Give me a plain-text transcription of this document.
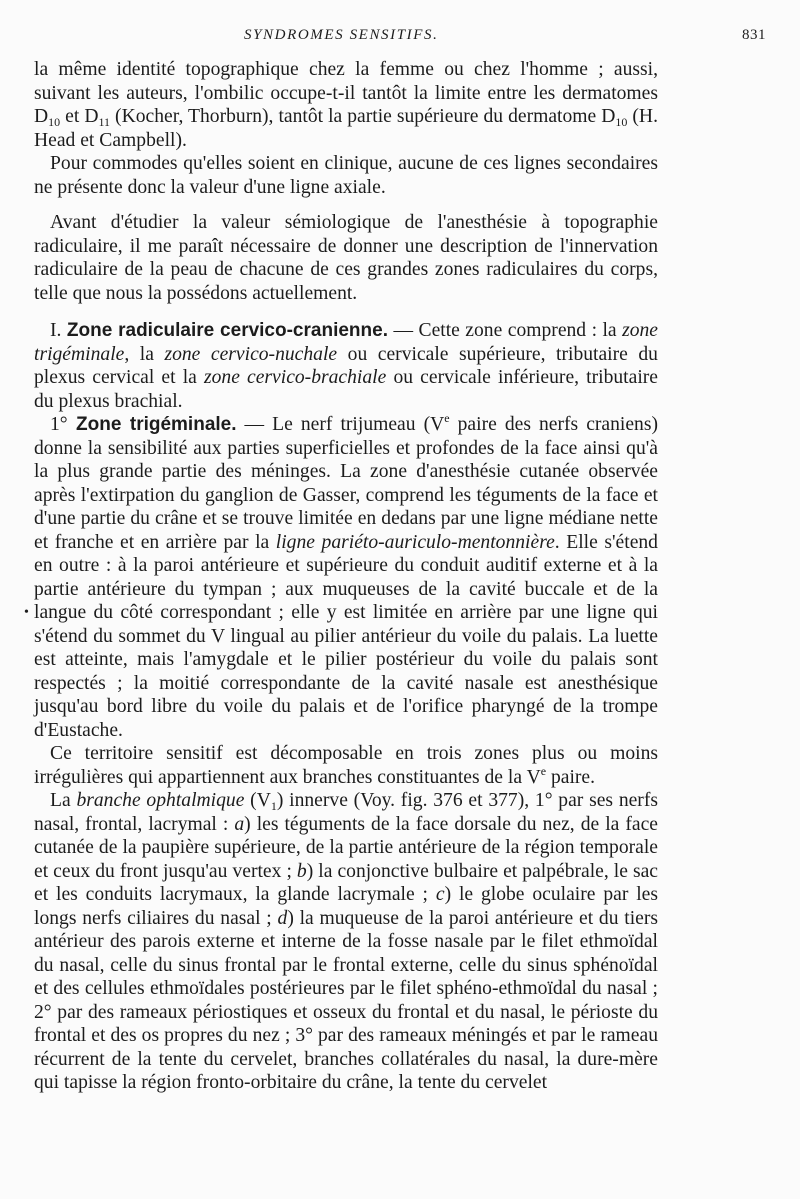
SYNDROMES SENSITIFS.	831
•

la même identité topographique chez la femme ou chez l'homme ; aussi, suivant les auteurs, l'ombilic occupe-t-il tantôt la limite entre les dermatomes $D_{10}$ et $D_{11}$ (Kocher, Thorburn), tantôt la partie supérieure du dermatome $D_{10}$ (H. Head et Campbell).

Pour commodes qu'elles soient en clinique, aucune de ces lignes secondaires ne présente donc la valeur d'une ligne axiale.

Avant d'étudier la valeur sémiologique de l'anesthésie à topographie radiculaire, il me paraît nécessaire de donner une description de l'innervation radiculaire de la peau de chacune de ces grandes zones radiculaires du corps, telle que nous la possédons actuellement.

I. Zone radiculaire cervico-cranienne. — Cette zone comprend : la zone trigéminale, la zone cervico-nuchale ou cervicale supérieure, tributaire du plexus cervical et la zone cervico-brachiale ou cervicale inférieure, tributaire du plexus brachial.

1° Zone trigéminale. — Le nerf trijumeau (Ve paire des nerfs craniens) donne la sensibilité aux parties superficielles et profondes de la face ainsi qu'à la plus grande partie des méninges. La zone d'anesthésie cutanée observée après l'extirpation du ganglion de Gasser, comprend les téguments de la face et d'une partie du crâne et se trouve limitée en dedans par une ligne médiane nette et franche et en arrière par la ligne pariéto-auriculo-mentonnière. Elle s'étend en outre : à la paroi antérieure et supérieure du conduit auditif externe et à la partie antérieure du tympan ; aux muqueuses de la cavité buccale et de la langue du côté correspondant ; elle y est limitée en arrière par une ligne qui s'étend du sommet du V lingual au pilier antérieur du voile du palais. La luette est atteinte, mais l'amygdale et le pilier postérieur du voile du palais sont respectés ; la moitié correspondante de la cavité nasale est anesthésique jusqu'au bord libre du voile du palais et de l'orifice pharyngé de la trompe d'Eustache.

Ce territoire sensitif est décomposable en trois zones plus ou moins irrégulières qui appartiennent aux branches constituantes de la Ve paire.

La branche ophtalmique $(V_1)$ innerve (Voy. fig. 376 et 377), 1° par ses nerfs nasal, frontal, lacrymal : a) les téguments de la face dorsale du nez, de la face cutanée de la paupière supérieure, de la partie antérieure de la région temporale et ceux du front jusqu'au vertex ; b) la conjonctive bulbaire et palpébrale, le sac et les conduits lacrymaux, la glande lacrymale ; c) le globe oculaire par les longs nerfs ciliaires du nasal ; d) la muqueuse de la paroi antérieure et du tiers antérieur des parois externe et interne de la fosse nasale par le filet ethmoïdal du nasal, celle du sinus frontal par le frontal externe, celle du sinus sphénoïdal et des cellules ethmoïdales postérieures par le filet sphéno-ethmoïdal du nasal ; 2° par des rameaux périostiques et osseux du frontal et du nasal, le périoste du frontal et des os propres du nez ; 3° par des rameaux méningés et par le rameau récurrent de la tente du cervelet, branches collatérales du nasal, la dure-mère qui tapisse la région fronto-orbitaire du crâne, la tente du cervelet
